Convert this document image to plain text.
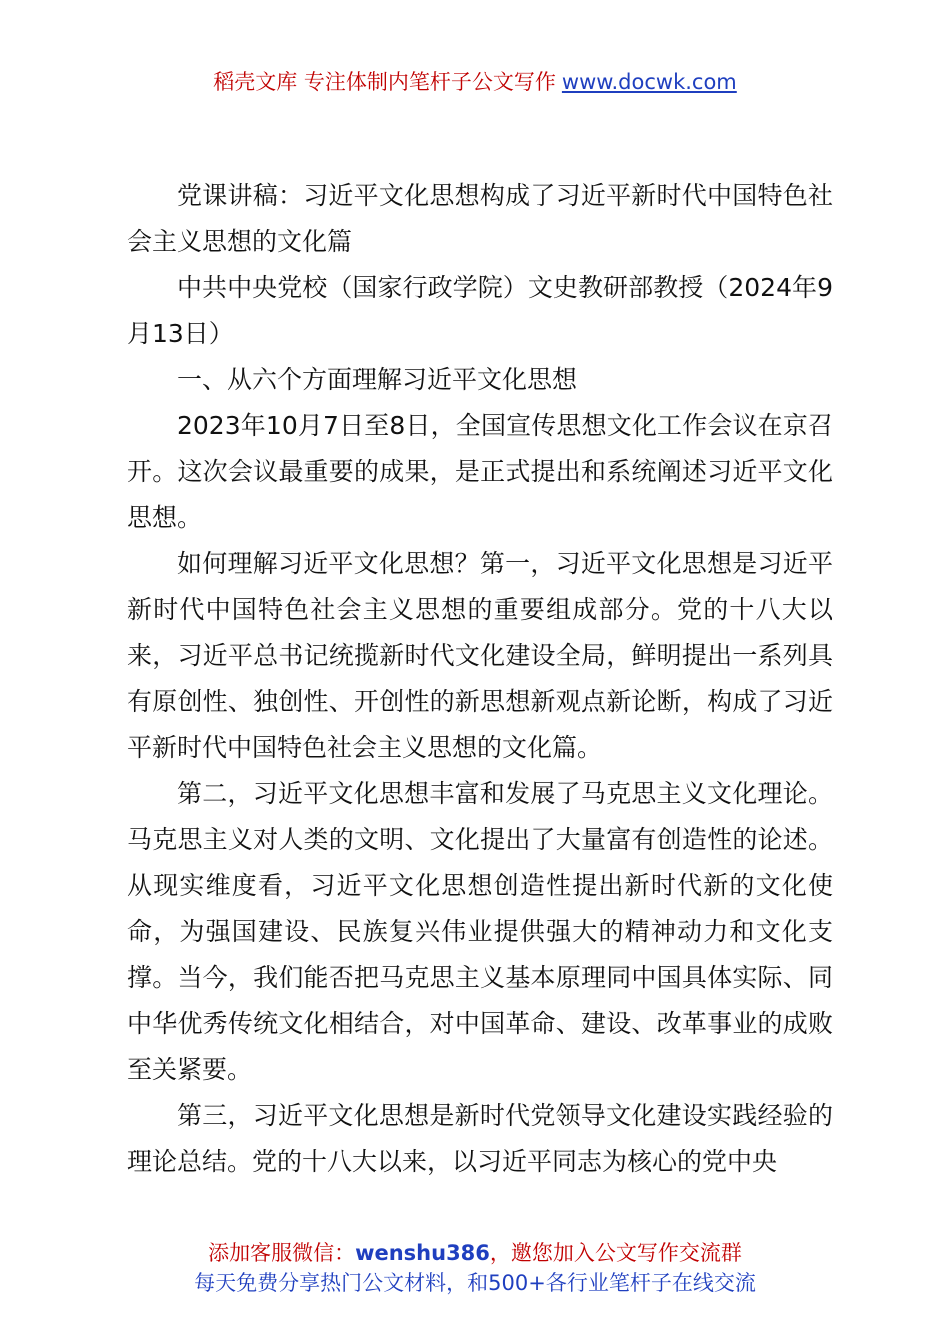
稻壳文库 专注体制内笔杆子公文写作 www.docwk.com

党课讲稿：习近平文化思想构成了习近平新时代中国特色社会主义思想的文化篇

中共中央党校（国家行政学院）文史教研部教授（2024年9月13日）

一、从六个方面理解习近平文化思想

2023年10月7日至8日，全国宣传思想文化工作会议在京召开。这次会议最重要的成果，是正式提出和系统阐述习近平文化思想。

如何理解习近平文化思想？第一，习近平文化思想是习近平新时代中国特色社会主义思想的重要组成部分。党的十八大以来，习近平总书记统揽新时代文化建设全局，鲜明提出一系列具有原创性、独创性、开创性的新思想新观点新论断，构成了习近平新时代中国特色社会主义思想的文化篇。

第二，习近平文化思想丰富和发展了马克思主义文化理论。马克思主义对人类的文明、文化提出了大量富有创造性的论述。从现实维度看，习近平文化思想创造性提出新时代新的文化使命，为强国建设、民族复兴伟业提供强大的精神动力和文化支撑。当今，我们能否把马克思主义基本原理同中国具体实际、同中华优秀传统文化相结合，对中国革命、建设、改革事业的成败至关紧要。

第三，习近平文化思想是新时代党领导文化建设实践经验的理论总结。党的十八大以来，以习近平同志为核心的党中央

添加客服微信：wenshu386，邀您加入公文写作交流群
每天免费分享热门公文材料，和500+各行业笔杆子在线交流
